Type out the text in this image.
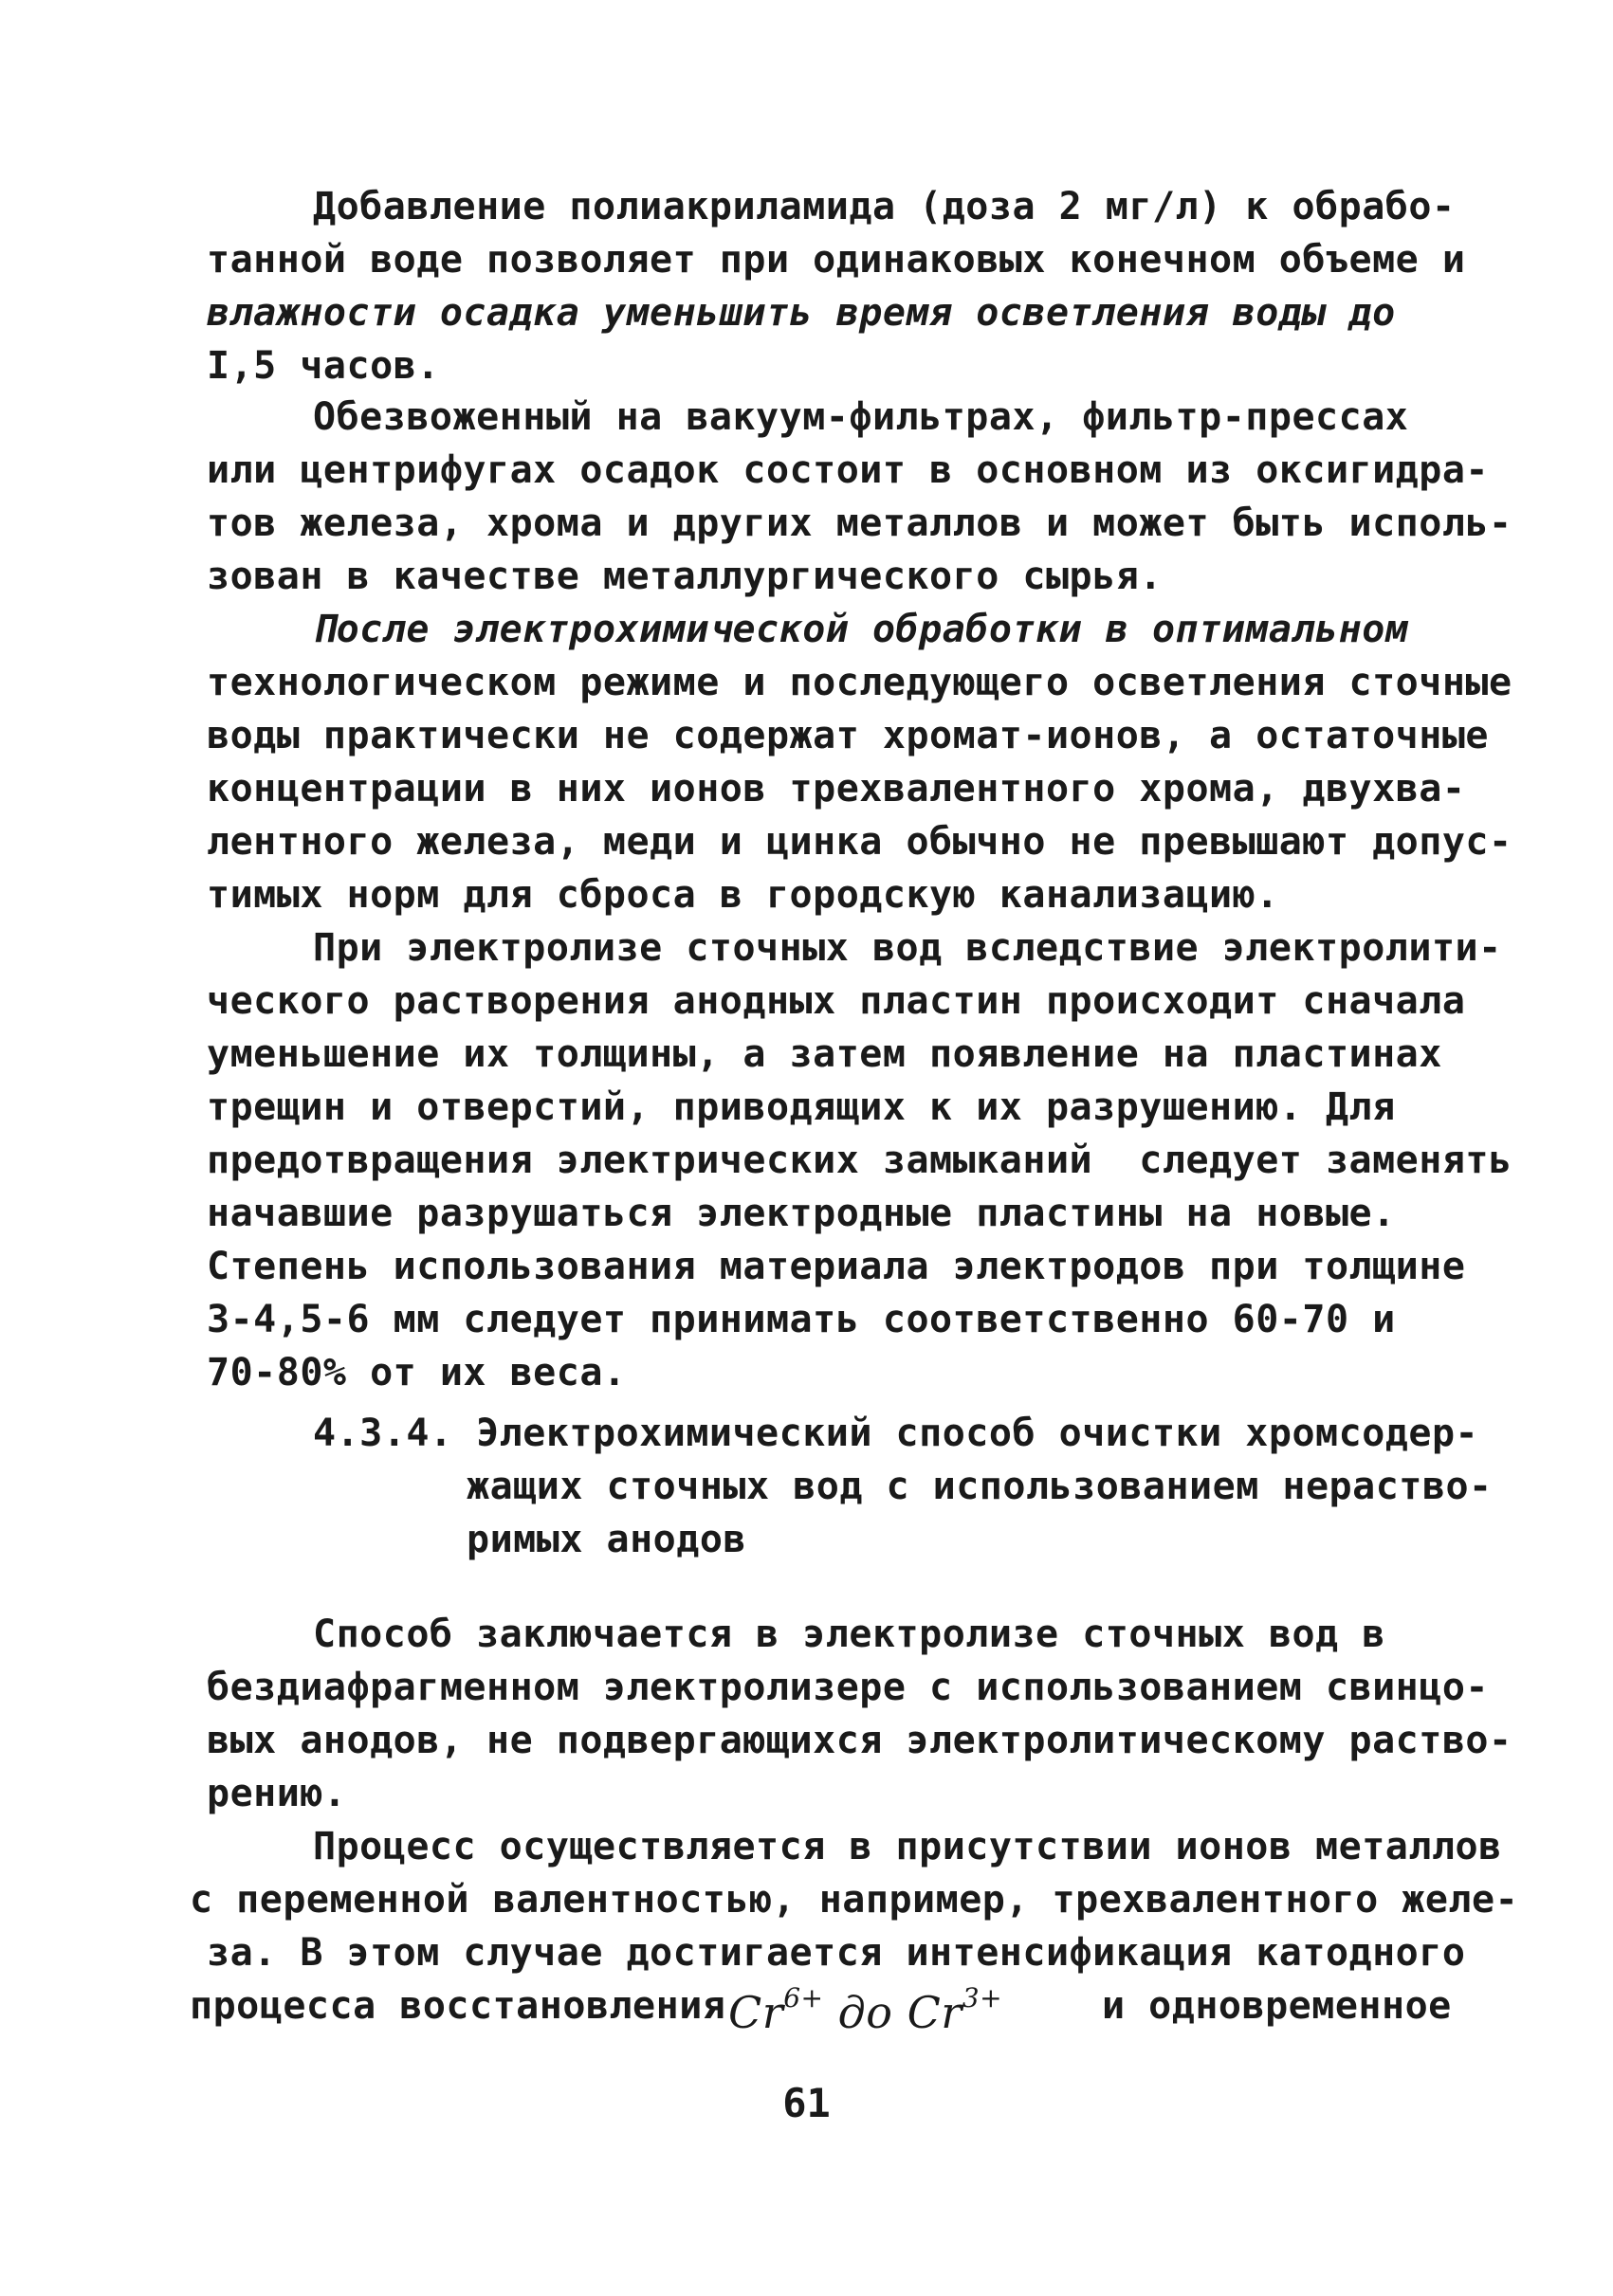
Добавление полиакриламида (доза 2 мг/л) к обрабо-
танной воде позволяет при одинаковых конечном объеме и
влажности осадка уменьшить время осветления воды до
I,5 часов.
Обезвоженный на вакуум-фильтрах, фильтр-прессах
или центрифугах осадок состоит в основном из оксигидра-
тов железа, хрома и других металлов и может быть исполь-
зован в качестве металлургического сырья.
После электрохимической обработки в оптимальном
технологическом режиме и последующего осветления сточные
воды практически не содержат хромат-ионов, а остаточные
концентрации в них ионов трехвалентного хрома, двухва-
лентного железа, меди и цинка обычно не превышают допус-
тимых норм для сброса в городскую канализацию.
При электролизе сточных вод вследствие электролити-
ческого растворения анодных пластин происходит сначала
уменьшение их толщины, а затем появление на пластинах
трещин и отверстий, приводящих к их разрушению. Для
предотвращения электрических замыканий  следует заменять
начавшие разрушаться электродные пластины на новые.
Степень использования материала электродов при толщине
3-4,5-6 мм следует принимать соответственно 60-70 и
70-80% от их веса.
4.3.4. Электрохимический способ очистки хромсодер-
жащих сточных вод с использованием нераство-
римых анодов
Способ заключается в электролизе сточных вод в
бездиафрагменном электролизере с использованием свинцо-
вых анодов, не подвергающихся электролитическому раство-
рению.
Процесс осуществляется в присутствии ионов металлов
с переменной валентностью, например, трехвалентного желе-
за. В этом случае достигается интенсификация катодного
процесса восстановления $Cr^{6+}$ до $Cr^{3+}$	и одновременное
61
